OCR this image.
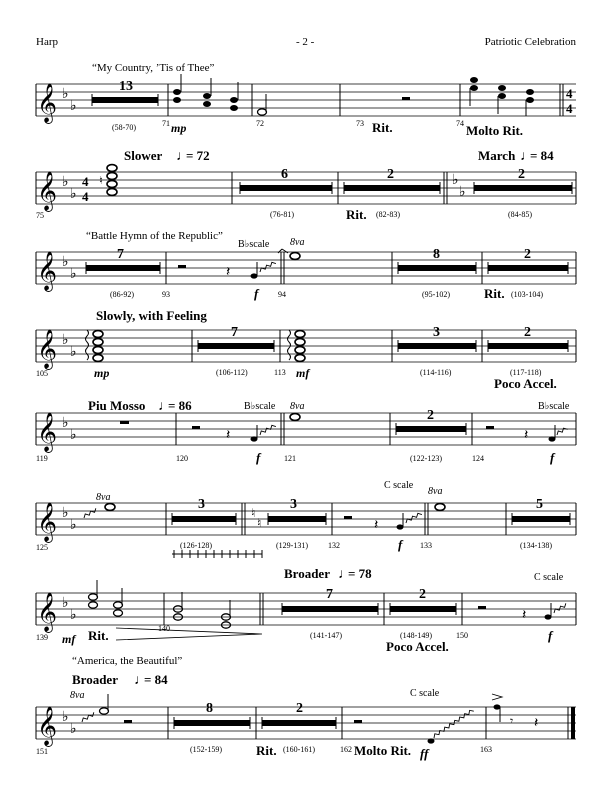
Harp	- 2 -	Patriotic Celebration
𝄞 ♭
♭
“My Country, ’Tis of Thee”
13
(58-70)	71 mp	72	73 Rit.	74 Molto Rit.
4
4
𝄞 ♭
♭
4
4
♮	♭
♭
Slower ♩
= 72	March ♩
= 84
6	2	2
75	(76-81)	Rit. (82-83)	(84-85)
𝄞 ♭
♭	𝄽
“Battle Hymn of the Republic”
7
(86-92)	93
B♭scale
f
8va
94
8
(95-102)
2
Rit. (103-104)
𝄞 ♭
♭
Slowly, with Feeling
105	mp
7
(106-112)	113 mf
3
(114-116)
2
(117-118)
Poco Accel.
𝄞 ♭
♭	𝄽	𝄽
Piu Mosso ♩
= 86
119	120
B♭scale
f
8va
121
2
(122-123)	124
B♭scale
f
𝄞 ♭
♭
♮
♮	𝄽
8va
125
3
(126-128)
3
(129-131)	132
C scale
8va
f 133
5
(134-138)
𝄞 ♭
♭	𝄽
139 mf Rit.	140
Broader ♩
= 78
7
(141-147)
2
(148-149)
Poco Accel.
150
C scale
f
𝄞 ♭
♭
𝄾 𝄽
“America, the Beautiful”
Broader ♩
= 84
8va
151
8
(152-159)
2
Rit. (160-161)	162 Molto Rit.
C scale
ff	163
